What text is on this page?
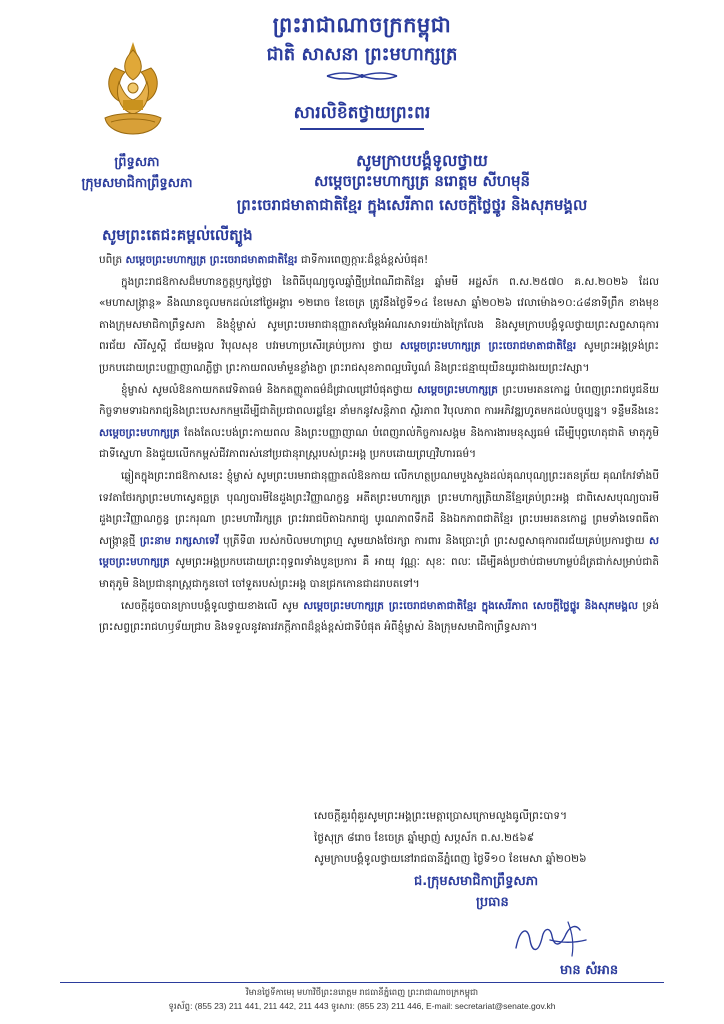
ព្រះរាជាណាចក្រកម្ពុជា
ជាតិ សាសនា ព្រះមហាក្សត្រ
ព្រឹទ្ធសភា
ក្រុមសមាជិកាព្រឹទ្ធសភា
សារលិខិតថ្វាយព្រះពរ
សូមក្រាបបង្គំទូលថ្វាយ
សម្តេចព្រះមហាក្សត្រ នរោត្តម សីហមុនី
ព្រះចេរាជមាតាជាតិខ្មែរ ក្នុងសេរីភាព សេចក្តីថ្លៃថ្នូរ និងសុភមង្គល
សូមព្រះតេជះគម្ពល់លើត្បូង

បពិត្រ សម្តេចព្រះមហាក្សត្រ ព្រះចេរាជមាតាជាតិខ្មែរ ជាទីការពេញក្ការៈដ៏ខ្ពង់ខ្ពស់បំផុត!

ក្នុងព្រះរាជឱកាសដ៏មហានក្ខត្តឫក្សថ្លៃថ្លា នៃពិធីបុណ្យចូលឆ្នាំថ្មីប្រពៃណីជាតិខ្មែរ ឆ្នាំមមី អដ្ឋស័ក ព.ស.២៥៧០ គ.ស.២០២៦ ដែល «មហាសង្ក្រាន្ត» នឹងឈានចូលមកដល់នៅថ្ងៃអង្គារ ១២រោច ខែចេត្រ ត្រូវនឹងថ្ងៃទី១៤ ខែមេសា ឆ្នាំ២០២៦ វេលាម៉ោង១០:៤៨នាទីព្រឹក ខាងមុខ តាងក្រុមសមាជិកាព្រឹទ្ធសភា និងខ្ញុំម្ចាស់ សូមព្រះបរមរាជានុញ្ញាតសម្តែងអំណរសាទរយ៉ាងក្រៃលែង និងសូមក្រាបបង្គំទូលថ្វាយព្រះសព្ទសាធុការពរជ័យ សិរីសួស្តី ជ័យមង្គល វិបុលសុខ បវរមហាប្រសើរគ្រប់ប្រការ ថ្វាយ សម្តេចព្រះមហាក្សត្រ ព្រះចេរាជមាតាជាតិខ្មែរ សូមព្រះអង្គទ្រង់ព្រះប្រកបដោយព្រះបញ្ញាញាណភ្លឺថ្លា ព្រះកាយពលមាំមួនខ្លាំងក្លា ព្រះរាជសុខភាពល្អបរិបូណ៌ និងព្រះជន្មាយុយឺនយូរជាងរយព្រះវស្សា។

ខ្ញុំម្ចាស់ សូមលំឱនកាយកតវេទិតាធម៌ និងកតញ្ញូតាធម៌ដ៏ជ្រាលជ្រៅបំផុតថ្វាយ សម្តេចព្រះមហាក្សត្រ ព្រះបរមរតនកោដ្ឋ បំពេញព្រះរាជបូជនីយកិច្ចទាមទារឯករាជ្យនិងព្រះបេសកកម្មដើម្បីជាតិប្រជាពលរដ្ឋខ្មែរ នាំមកនូវសន្តិភាព ស្ថិរភាព វិបុលភាព ការអភិវឌ្ឍហូតមកដល់បច្ចុប្បន្ន។ ទន្ទឹមនឹងនេះ សម្តេចព្រះមហាក្សត្រ តែងតែលះបង់ព្រះកាយពល និងព្រះបញ្ញាញាណ បំពេញរាល់កិច្ចការសង្គម និងការងារមនុស្សធម៌ ដើម្បីបុព្វហេតុជាតិ មាតុភូមិជាទីស្នេហា និងជួយលើកកម្ពស់ជីវភាពរស់នៅប្រជានុរាស្ត្ររបស់ព្រះអង្គ ប្រកបដោយព្រហ្មវិហារធម៌។

ឆ្លៀតក្នុងព្រះរាជឱកាសនេះ ខ្ញុំម្ចាស់ សូមព្រះបរមរាជានុញ្ញាតលំឱនកាយ លើកហត្ថប្រណមបួងសួងដល់គុណបុណ្យព្រះរតនត្រ័យ គុណកែវទាំងបី ទេវតាថែរក្សាព្រះមហាស្វេតច្ឆត្រ បុណ្យបារមីនៃដួងព្រះវិញ្ញាណក្ខន្ធ អតីតព្រះមហាក្សត្រ ព្រះមហាក្សត្រិយានីខ្មែរគ្រប់ព្រះអង្គ ជាពិសេសបុណ្យបារមី ដួងព្រះវិញ្ញាណក្ខន្ធ ព្រះករុណា ព្រះមហាវីរក្សត្រ ព្រះវររាជបិតាឯករាជ្យ បូរណភាពទឹកដី និងឯកភាពជាតិខ្មែរ ព្រះបរមរតនកោដ្ឋ ព្រមទាំងទេពធីតាសង្ក្រាន្តថ្មី ព្រះនាម រាក្សសាទេវី បុត្រីទី៣ របស់កបិលមហាព្រហ្ម សូមយាងថែរក្សា ការពារ និងប្រោះព្រំ ព្រះសព្ទសាធុការពរជ័យគ្រប់ប្រការថ្វាយ សម្តេចព្រះមហាក្សត្រ សូមព្រះអង្គប្រកបដោយព្រះពុទ្ធពរទាំងបួនប្រការ គឺ អាយុ វណ្ណៈ សុខៈ ពលៈ ដើម្បីគង់ប្រថាប់ជាមហាម្លប់ដ៏ត្រជាក់សម្រាប់ជាតិមាតុភូមិ និងប្រជានុរាស្ត្រជាកូនចៅ ចៅទួតរបស់ព្រះអង្គ បានជ្រកកោនជាដរាបតទៅ។

សេចក្តីដូចបានក្រាបបង្គំទូលថ្វាយខាងលើ សូម សម្តេចព្រះមហាក្សត្រ ព្រះចេរាជមាតាជាតិខ្មែរ ក្នុងសេរីភាព សេចក្តីថ្លៃថ្នូរ និងសុភមង្គល ទ្រង់ព្រះសព្វព្រះរាជហឫទ័យជ្រាប និងទទួលនូវគារវភក្តីភាពដ៏ខ្ពង់ខ្ពស់ជាទីបំផុត អំពីខ្ញុំម្ចាស់ និងក្រុមសមាជិកាព្រឹទ្ធសភា។

សេចក្តីគួរពុំគួរសូមព្រះអង្គព្រះមេត្តាប្រោសក្រោមលួងធូលីព្រះបាទ។
ថ្ងៃសុក្រ ៨រោច ខែចេត្រ ឆ្នាំម្សាញ់ សប្តស័ក ព.ស.២៥៦៩
សូមក្រាបបង្គំទូលថ្វាយនៅរាជធានីភ្នំពេញ ថ្ងៃទី១០ ខែមេសា ឆ្នាំ២០២៦
ជ.ក្រុមសមាជិកាព្រឹទ្ធសភា
ប្រធាន
មាន សំអាន
វិមានថ្ងៃទីកាមេរុ មហាវិថីព្រះនរោត្តម រាជធានីភ្នំពេញ ព្រះរាជាណាចក្រកម្ពុជា
ទូរស័ព្ទ: (855 23) 211 441, 211 442, 211 443 ទូរសារ: (855 23) 211 446, E-mail: secretariat@senate.gov.kh
